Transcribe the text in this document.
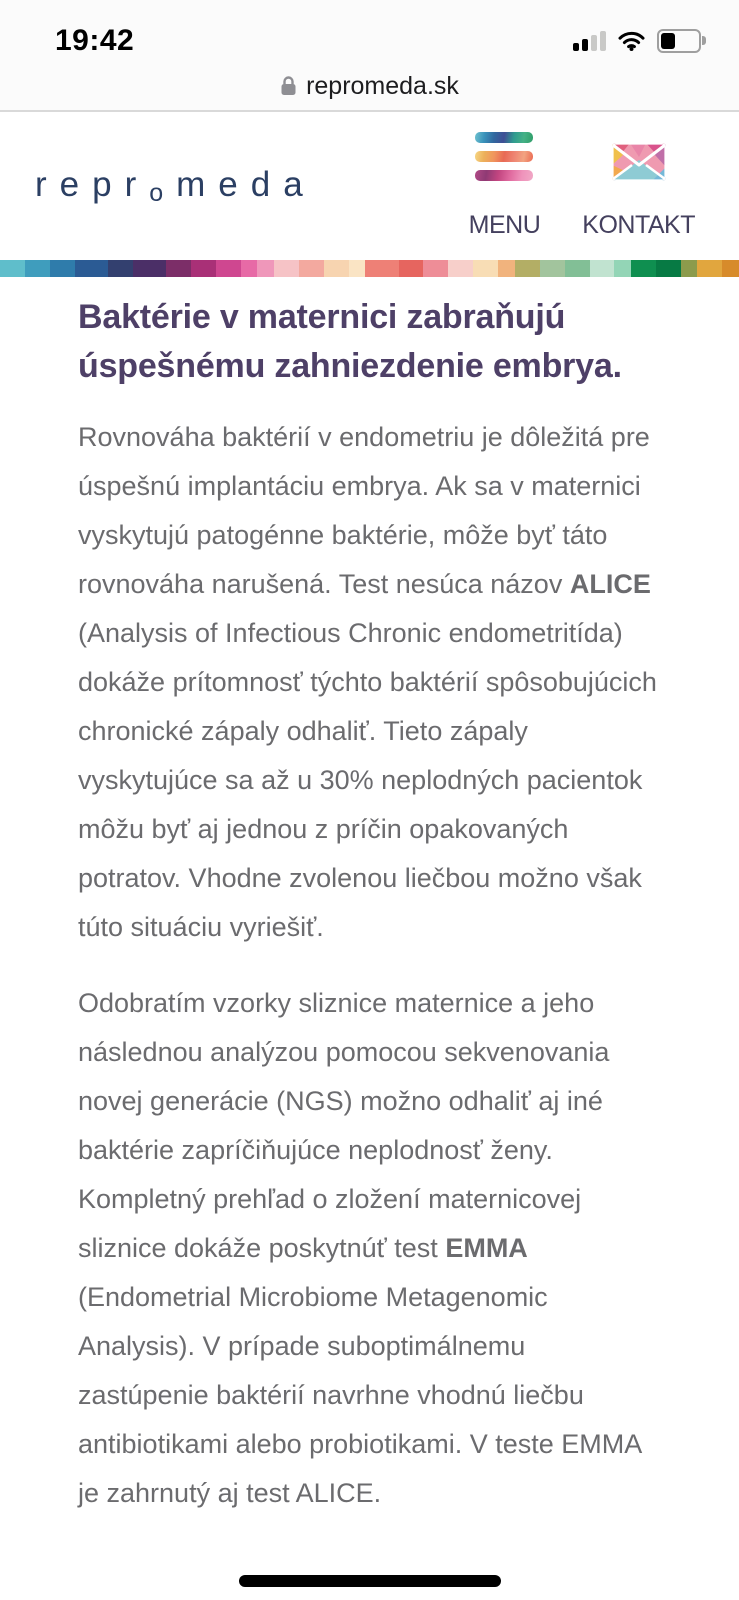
19:42
repromeda.sk
repr$_o$meda
MENU KONTAKT
Baktérie v maternici zabraňujú úspešnému zahniezdenie embrya.

Rovnováha baktérií v endometriu je dôležitá pre úspešnú implantáciu embrya. Ak sa v maternici vyskytujú patogénne baktérie, môže byť táto rovnováha narušená. Test nesúca názov ALICE (Analysis of Infectious Chronic endometritída) dokáže prítomnosť týchto baktérií spôsobujúcich chronické zápaly odhaliť. Tieto zápaly vyskytujúce sa až u 30% neplodných pacientok môžu byť aj jednou z príčin opakovaných potratov. Vhodne zvolenou liečbou možno však túto situáciu vyriešiť.

Odobratím vzorky sliznice maternice a jeho následnou analýzou pomocou sekvenovania novej generácie (NGS) možno odhaliť aj iné baktérie zapríčiňujúce neplodnosť ženy. Kompletný prehľad o zložení maternicovej sliznice dokáže poskytnúť test EMMA (Endometrial Microbiome Metagenomic Analysis). V prípade suboptimálnemu zastúpenie baktérií navrhne vhodnú liečbu antibiotikami alebo probiotikami. V teste EMMA je zahrnutý aj test ALICE.
